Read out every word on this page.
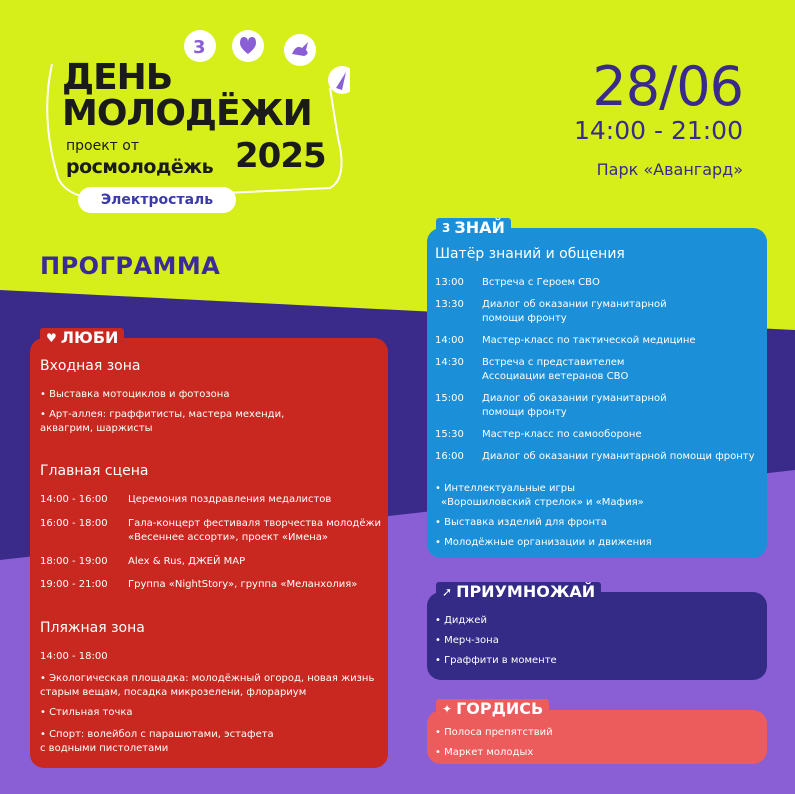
3
ДЕНЬ
МОЛОДЁЖИ
проект от
росмолодёжь 2025
Электросталь
28/06
14:00 - 21:00
Парк «Авангард»
ПРОГРАММА
♥ ЛЮБИ
Входная зона
• Выставка мотоциклов и фотозона
• Арт-аллея: граффитисты, мастера мехенди,
аквагрим, шаржисты
Главная сцена
14:00 - 16:00 Церемония поздравления медалистов
16:00 - 18:00 Гала-концерт фестиваля творчества молодёжи
«Весеннее ассорти», проект «Имена»
18:00 - 19:00 Alex & Rus, ДЖЕЙ МАР
19:00 - 21:00 Группа «NightStory», группа «Меланхолия»
Пляжная зона
14:00 - 18:00
• Экологическая площадка: молодёжный огород, новая жизнь
старым вещам, посадка микрозелени, флорариум
• Стильная точка
• Спорт: волейбол с парашютами, эстафета
с водными пистолетами
3 ЗНАЙ
Шатёр знаний и общения
13:00 Встреча с Героем СВО
13:30 Диалог об оказании гуманитарной
помощи фронту
14:00 Мастер-класс по тактической медицине
14:30 Встреча с представителем
Ассоциации ветеранов СВО
15:00 Диалог об оказании гуманитарной
помощи фронту
15:30 Мастер-класс по самообороне
16:00 Диалог об оказании гуманитарной помощи фронту
• Интеллектуальные игры
«Ворошиловский стрелок» и «Мафия»
• Выставка изделий для фронта
• Молодёжные организации и движения
➚ ПРИУМНОЖАЙ
• Диджей
• Мерч-зона
• Граффити в моменте
✦ ГОРДИСЬ
• Полоса препятствий
• Маркет молодых
